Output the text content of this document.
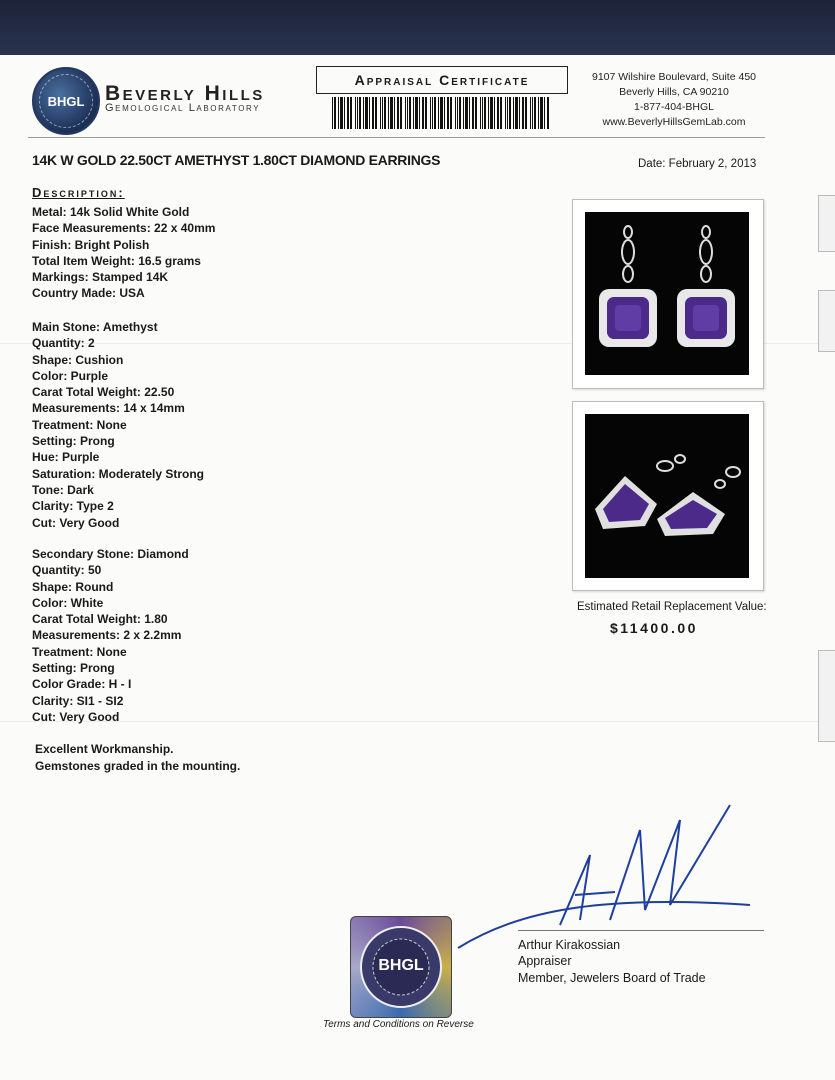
BHGL Beverly Hills
Gemological Laboratory
Appraisal Certificate	9107 Wilshire Boulevard, Suite 450
Beverly Hills, CA 90210
1-877-404-BHGL
www.BeverlyHillsGemLab.com
14K W GOLD 22.50CT AMETHYST 1.80CT DIAMOND EARRINGS	Date: February 2, 2013
Description:
Metal: 14k Solid White Gold
Face Measurements: 22 x 40mm
Finish: Bright Polish
Total Item Weight: 16.5 grams
Markings: Stamped 14K
Country Made: USA
Main Stone: Amethyst
Quantity: 2
Shape: Cushion
Color: Purple
Carat Total Weight: 22.50
Measurements: 14 x 14mm
Treatment: None
Setting: Prong
Hue: Purple
Saturation: Moderately Strong
Tone: Dark
Clarity: Type 2
Cut: Very Good
Secondary Stone: Diamond
Quantity: 50
Shape: Round
Color: White
Carat Total Weight: 1.80
Measurements: 2 x 2.2mm
Treatment: None
Setting: Prong
Color Grade: H - I
Clarity: SI1 - SI2
Cut: Very Good
Excellent Workmanship.
Gemstones graded in the mounting.
Estimated Retail Replacement Value:
$11400.00
Arthur Kirakossian
Appraiser
Member, Jewelers Board of Trade
BHGL
Terms and Conditions on Reverse
